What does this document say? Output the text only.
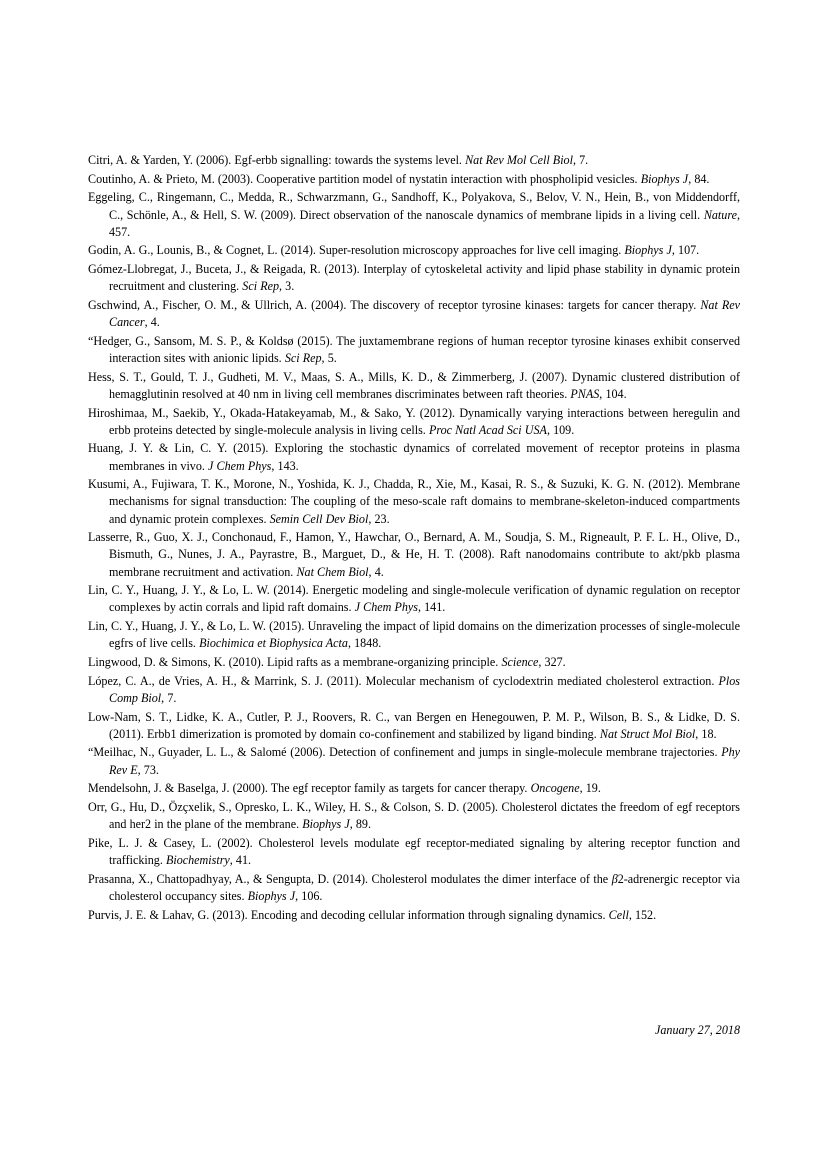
Citri, A. & Yarden, Y. (2006). Egf-erbb signalling: towards the systems level. Nat Rev Mol Cell Biol, 7.

Coutinho, A. & Prieto, M. (2003). Cooperative partition model of nystatin interaction with phospholipid vesicles. Biophys J, 84.

Eggeling, C., Ringemann, C., Medda, R., Schwarzmann, G., Sandhoff, K., Polyakova, S., Belov, V. N., Hein, B., von Middendorff, C., Schönle, A., & Hell, S. W. (2009). Direct observation of the nanoscale dynamics of membrane lipids in a living cell. Nature, 457.

Godin, A. G., Lounis, B., & Cognet, L. (2014). Super-resolution microscopy approaches for live cell imaging. Biophys J, 107.

Gómez-Llobregat, J., Buceta, J., & Reigada, R. (2013). Interplay of cytoskeletal activity and lipid phase stability in dynamic protein recruitment and clustering. Sci Rep, 3.

Gschwind, A., Fischer, O. M., & Ullrich, A. (2004). The discovery of receptor tyrosine kinases: targets for cancer therapy. Nat Rev Cancer, 4.

“Hedger, G., Sansom, M. S. P., & Koldsø (2015). The juxtamembrane regions of human receptor tyrosine kinases exhibit conserved interaction sites with anionic lipids. Sci Rep, 5.

Hess, S. T., Gould, T. J., Gudheti, M. V., Maas, S. A., Mills, K. D., & Zimmerberg, J. (2007). Dynamic clustered distribution of hemagglutinin resolved at 40 nm in living cell membranes discriminates between raft theories. PNAS, 104.

Hiroshimaa, M., Saekib, Y., Okada-Hatakeyamab, M., & Sako, Y. (2012). Dynamically varying interactions between heregulin and erbb proteins detected by single-molecule analysis in living cells. Proc Natl Acad Sci USA, 109.

Huang, J. Y. & Lin, C. Y. (2015). Exploring the stochastic dynamics of correlated movement of receptor proteins in plasma membranes in vivo. J Chem Phys, 143.

Kusumi, A., Fujiwara, T. K., Morone, N., Yoshida, K. J., Chadda, R., Xie, M., Kasai, R. S., & Suzuki, K. G. N. (2012). Membrane mechanisms for signal transduction: The coupling of the meso-scale raft domains to membrane-skeleton-induced compartments and dynamic protein complexes. Semin Cell Dev Biol, 23.

Lasserre, R., Guo, X. J., Conchonaud, F., Hamon, Y., Hawchar, O., Bernard, A. M., Soudja, S. M., Rigneault, P. F. L. H., Olive, D., Bismuth, G., Nunes, J. A., Payrastre, B., Marguet, D., & He, H. T. (2008). Raft nanodomains contribute to akt/pkb plasma membrane recruitment and activation. Nat Chem Biol, 4.

Lin, C. Y., Huang, J. Y., & Lo, L. W. (2014). Energetic modeling and single-molecule verification of dynamic regulation on receptor complexes by actin corrals and lipid raft domains. J Chem Phys, 141.

Lin, C. Y., Huang, J. Y., & Lo, L. W. (2015). Unraveling the impact of lipid domains on the dimerization processes of single-molecule egfrs of live cells. Biochimica et Biophysica Acta, 1848.

Lingwood, D. & Simons, K. (2010). Lipid rafts as a membrane-organizing principle. Science, 327.

López, C. A., de Vries, A. H., & Marrink, S. J. (2011). Molecular mechanism of cyclodextrin mediated cholesterol extraction. Plos Comp Biol, 7.

Low-Nam, S. T., Lidke, K. A., Cutler, P. J., Roovers, R. C., van Bergen en Henegouwen, P. M. P., Wilson, B. S., & Lidke, D. S. (2011). Erbb1 dimerization is promoted by domain co-confinement and stabilized by ligand binding. Nat Struct Mol Biol, 18.

“Meilhac, N., Guyader, L. L., & Salomé (2006). Detection of confinement and jumps in single-molecule membrane trajectories. Phy Rev E, 73.

Mendelsohn, J. & Baselga, J. (2000). The egf receptor family as targets for cancer therapy. Oncogene, 19.

Orr, G., Hu, D., Özçxelik, S., Opresko, L. K., Wiley, H. S., & Colson, S. D. (2005). Cholesterol dictates the freedom of egf receptors and her2 in the plane of the membrane. Biophys J, 89.

Pike, L. J. & Casey, L. (2002). Cholesterol levels modulate egf receptor-mediated signaling by altering receptor function and trafficking. Biochemistry, 41.

Prasanna, X., Chattopadhyay, A., & Sengupta, D. (2014). Cholesterol modulates the dimer interface of the β2-adrenergic receptor via cholesterol occupancy sites. Biophys J, 106.

Purvis, J. E. & Lahav, G. (2013). Encoding and decoding cellular information through signaling dynamics. Cell, 152.

January 27, 2018
